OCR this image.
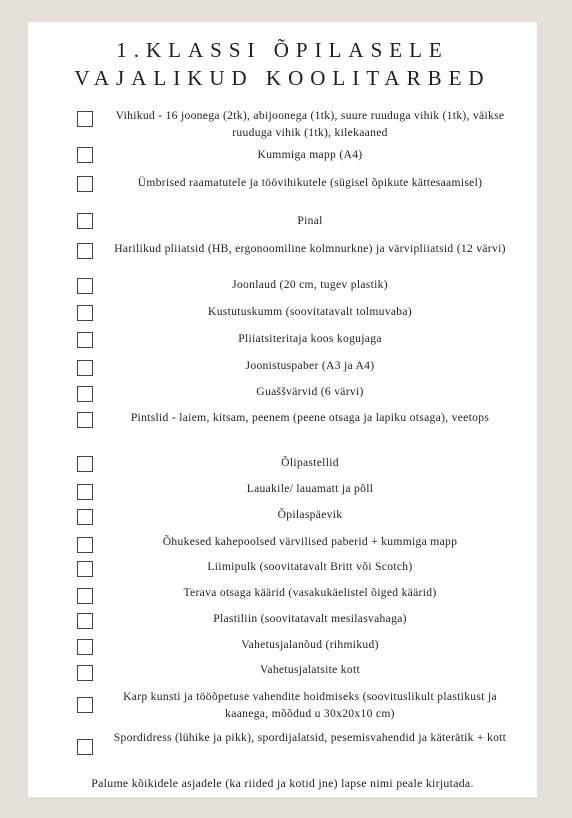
1.KLASSI ÕPILASELE
VAJALIKUD KOOLITARBED
Vihikud - 16 joonega (2tk), abijoonega (1tk), suure ruuduga vihik (1tk), väikse ruuduga vihik (1tk), kilekaaned
Kummiga mapp (A4)
Ümbrised raamatutele ja töövihikutele (sügisel õpikute kättesaamisel)
Pinal
Harilikud pliiatsid (HB, ergonoomiline kolmnurkne) ja värvipliiatsid (12 värvi)
Joonlaud (20 cm, tugev plastik)
Kustutuskumm (soovitatavalt tolmuvaba)
Pliiatsiteritaja koos kogujaga
Joonistuspaber (A3 ja A4)
Guaššvärvid (6 värvi)
Pintslid - laiem, kitsam, peenem (peene otsaga ja lapiku otsaga), veetops
Õlipastellid
Lauakile/ lauamatt ja põll
Õpilaspäevik
Õhukesed kahepoolsed värvilised paberid + kummiga mapp
Liimipulk (soovitatavalt Britt või Scotch)
Terava otsaga käärid (vasakukäelistel õiged käärid)
Plastiliin (soovitatavalt mesilasvahaga)
Vahetusjalanõud (rihmikud)
Vahetusjalatsite kott
Karp kunsti ja tööõpetuse vahendite hoidmiseks (soovituslikult plastikust ja kaanega, mõõdud u 30x20x10 cm)
Spordidress (lühike ja pikk), spordijalatsid, pesemisvahendid ja käterätik + kott
Palume kõikidele asjadele (ka riided ja kotid jne) lapse nimi peale kirjutada.
